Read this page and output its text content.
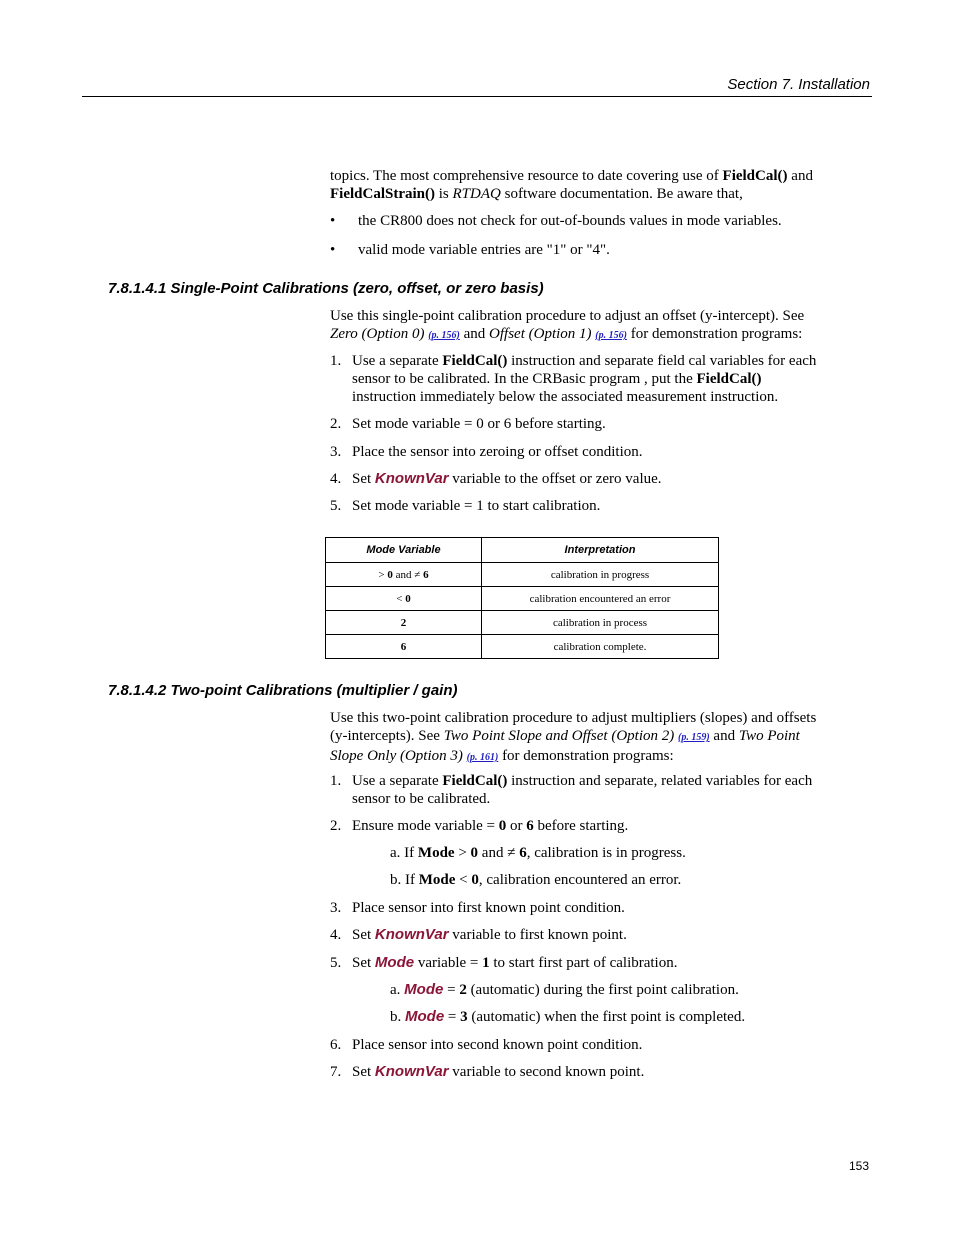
Section 7. Installation
topics. The most comprehensive resource to date covering use of FieldCal() and
FieldCalStrain() is RTDAQ software documentation. Be aware that,
• the CR800 does not check for out-of-bounds values in mode variables.
• valid mode variable entries are "1" or "4".
7.8.1.4.1 Single-Point Calibrations (zero, offset, or zero basis)
Use this single-point calibration procedure to adjust an offset (y-intercept). See
Zero (Option 0) (p. 156) and Offset (Option 1) (p. 156) for demonstration programs:
1. Use a separate FieldCal() instruction and separate field cal variables for each
sensor to be calibrated. In the CRBasic program , put the FieldCal()
instruction immediately below the associated measurement instruction.
2. Set mode variable = 0 or 6 before starting.
3. Place the sensor into zeroing or offset condition.
4. Set KnownVar variable to the offset or zero value.
5. Set mode variable = 1 to start calibration.
Mode Variable	Interpretation
> 0 and ≠ 6	calibration in progress
< 0	calibration encountered an error
2	calibration in process
6	calibration complete.
7.8.1.4.2 Two-point Calibrations (multiplier / gain)
Use this two-point calibration procedure to adjust multipliers (slopes) and offsets
(y-intercepts). See Two Point Slope and Offset (Option 2) (p. 159) and Two Point
Slope Only (Option 3) (p. 161) for demonstration programs:
1. Use a separate FieldCal() instruction and separate, related variables for each
sensor to be calibrated.
2. Ensure mode variable = 0 or 6 before starting.
a. If Mode > 0 and ≠ 6, calibration is in progress.
b. If Mode < 0, calibration encountered an error.
3. Place sensor into first known point condition.
4. Set KnownVar variable to first known point.
5. Set Mode variable = 1 to start first part of calibration.
a. Mode = 2 (automatic) during the first point calibration.
b. Mode = 3 (automatic) when the first point is completed.
6. Place sensor into second known point condition.
7. Set KnownVar variable to second known point.
153
